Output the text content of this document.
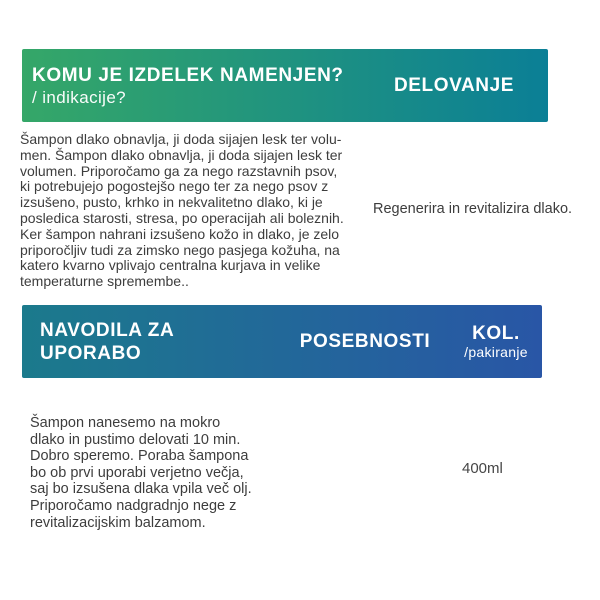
KOMU JE IZDELEK NAMENJEN?
/ indikacije?
DELOVANJE
Šampon dlako obnavlja, ji doda sijajen lesk ter volu-
men. Šampon dlako obnavlja, ji doda sijajen lesk ter
volumen. Priporočamo ga za nego razstavnih psov,
ki potrebujejo pogostejšo nego ter za nego psov z
izsušeno, pusto, krhko in nekvalitetno dlako, ki je
posledica starosti, stresa, po operacijah ali boleznih.
Ker šampon nahrani izsušeno kožo in dlako, je zelo
priporočljiv tudi za zimsko nego pasjega kožuha, na
katero kvarno vplivajo centralna kurjava in velike
temperaturne spremembe..
Regenerira in revitalizira dlako.
NAVODILA ZA UPORABO
POSEBNOSTI	KOL.
/pakiranje
Šampon nanesemo na mokro
dlako in pustimo delovati 10 min.
Dobro speremo. Poraba šampona
bo ob prvi uporabi verjetno večja,
saj bo izsušena dlaka vpila več olj.
Priporočamo nadgradnjo nege z
revitalizacijskim balzamom.
400ml
